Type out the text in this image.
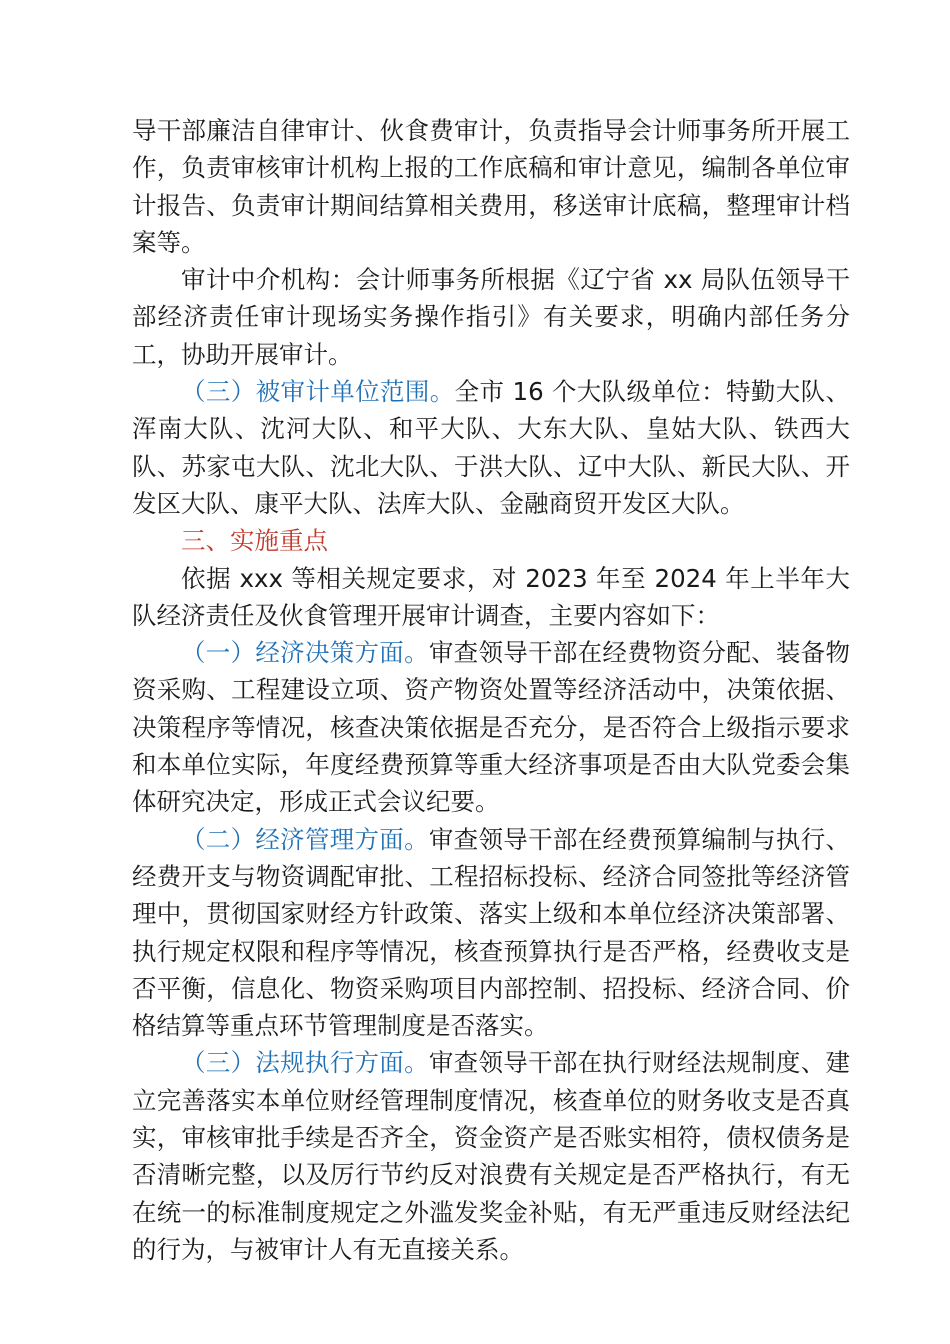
导干部廉洁自律审计、伙食费审计，负责指导会计师事务所开展工作，负责审核审计机构上报的工作底稿和审计意见，编制各单位审计报告、负责审计期间结算相关费用，移送审计底稿，整理审计档案等。

审计中介机构：会计师事务所根据《辽宁省 xx 局队伍领导干部经济责任审计现场实务操作指引》有关要求，明确内部任务分工，协助开展审计。

（三）被审计单位范围。全市 16 个大队级单位：特勤大队、浑南大队、沈河大队、和平大队、大东大队、皇姑大队、铁西大队、苏家屯大队、沈北大队、于洪大队、辽中大队、新民大队、开发区大队、康平大队、法库大队、金融商贸开发区大队。

三、实施重点

依据 xxx 等相关规定要求，对 2023 年至 2024 年上半年大队经济责任及伙食管理开展审计调查，主要内容如下：

（一）经济决策方面。审查领导干部在经费物资分配、装备物资采购、工程建设立项、资产物资处置等经济活动中，决策依据、决策程序等情况，核查决策依据是否充分，是否符合上级指示要求和本单位实际，年度经费预算等重大经济事项是否由大队党委会集体研究决定，形成正式会议纪要。

（二）经济管理方面。审查领导干部在经费预算编制与执行、经费开支与物资调配审批、工程招标投标、经济合同签批等经济管理中，贯彻国家财经方针政策、落实上级和本单位经济决策部署、执行规定权限和程序等情况，核查预算执行是否严格，经费收支是否平衡，信息化、物资采购项目内部控制、招投标、经济合同、价格结算等重点环节管理制度是否落实。

（三）法规执行方面。审查领导干部在执行财经法规制度、建立完善落实本单位财经管理制度情况，核查单位的财务收支是否真实，审核审批手续是否齐全，资金资产是否账实相符，债权债务是否清晰完整，以及厉行节约反对浪费有关规定是否严格执行，有无在统一的标准制度规定之外滥发奖金补贴，有无严重违反财经法纪的行为，与被审计人有无直接关系。
